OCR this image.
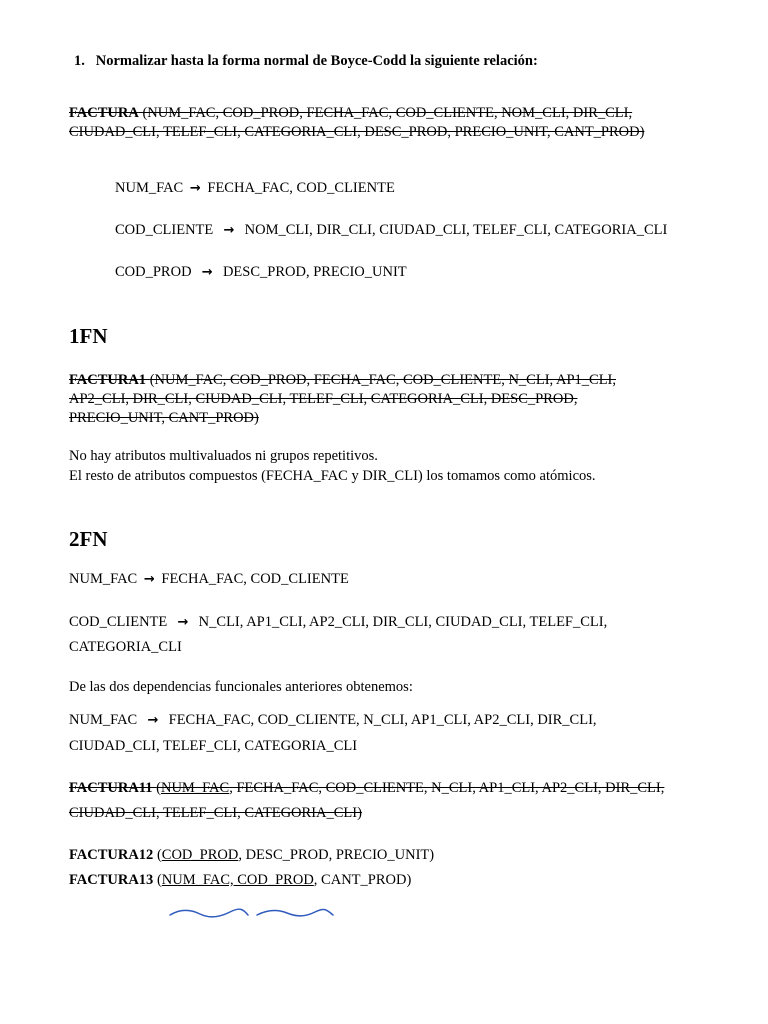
1. Normalizar hasta la forma normal de Boyce-Codd la siguiente relación:
FACTURA (NUM_FAC, COD_PROD, FECHA_FAC, COD_CLIENTE, NOM_CLI, DIR_CLI,
CIUDAD_CLI, TELEF_CLI, CATEGORIA_CLI, DESC_PROD, PRECIO_UNIT, CANT_PROD)
NUM_FAC → FECHA_FAC, COD_CLIENTE
COD_CLIENTE → NOM_CLI, DIR_CLI, CIUDAD_CLI, TELEF_CLI, CATEGORIA_CLI
COD_PROD → DESC_PROD, PRECIO_UNIT
1FN
FACTURA1 (NUM_FAC, COD_PROD, FECHA_FAC, COD_CLIENTE, N_CLI, AP1_CLI,
AP2_CLI, DIR_CLI, CIUDAD_CLI, TELEF_CLI, CATEGORIA_CLI, DESC_PROD,
PRECIO_UNIT, CANT_PROD)
No hay atributos multivaluados ni grupos repetitivos.
El resto de atributos compuestos (FECHA_FAC y DIR_CLI) los tomamos como atómicos.
2FN
NUM_FAC → FECHA_FAC, COD_CLIENTE
COD_CLIENTE → N_CLI, AP1_CLI, AP2_CLI, DIR_CLI, CIUDAD_CLI, TELEF_CLI,
CATEGORIA_CLI
De las dos dependencias funcionales anteriores obtenemos:
NUM_FAC → FECHA_FAC, COD_CLIENTE, N_CLI, AP1_CLI, AP2_CLI, DIR_CLI,
CIUDAD_CLI, TELEF_CLI, CATEGORIA_CLI
FACTURA11 (NUM_FAC, FECHA_FAC, COD_CLIENTE, N_CLI, AP1_CLI, AP2_CLI, DIR_CLI,
CIUDAD_CLI, TELEF_CLI, CATEGORIA_CLI)
FACTURA12 (COD_PROD, DESC_PROD, PRECIO_UNIT)
FACTURA13 (NUM_FAC, COD_PROD, CANT_PROD)
